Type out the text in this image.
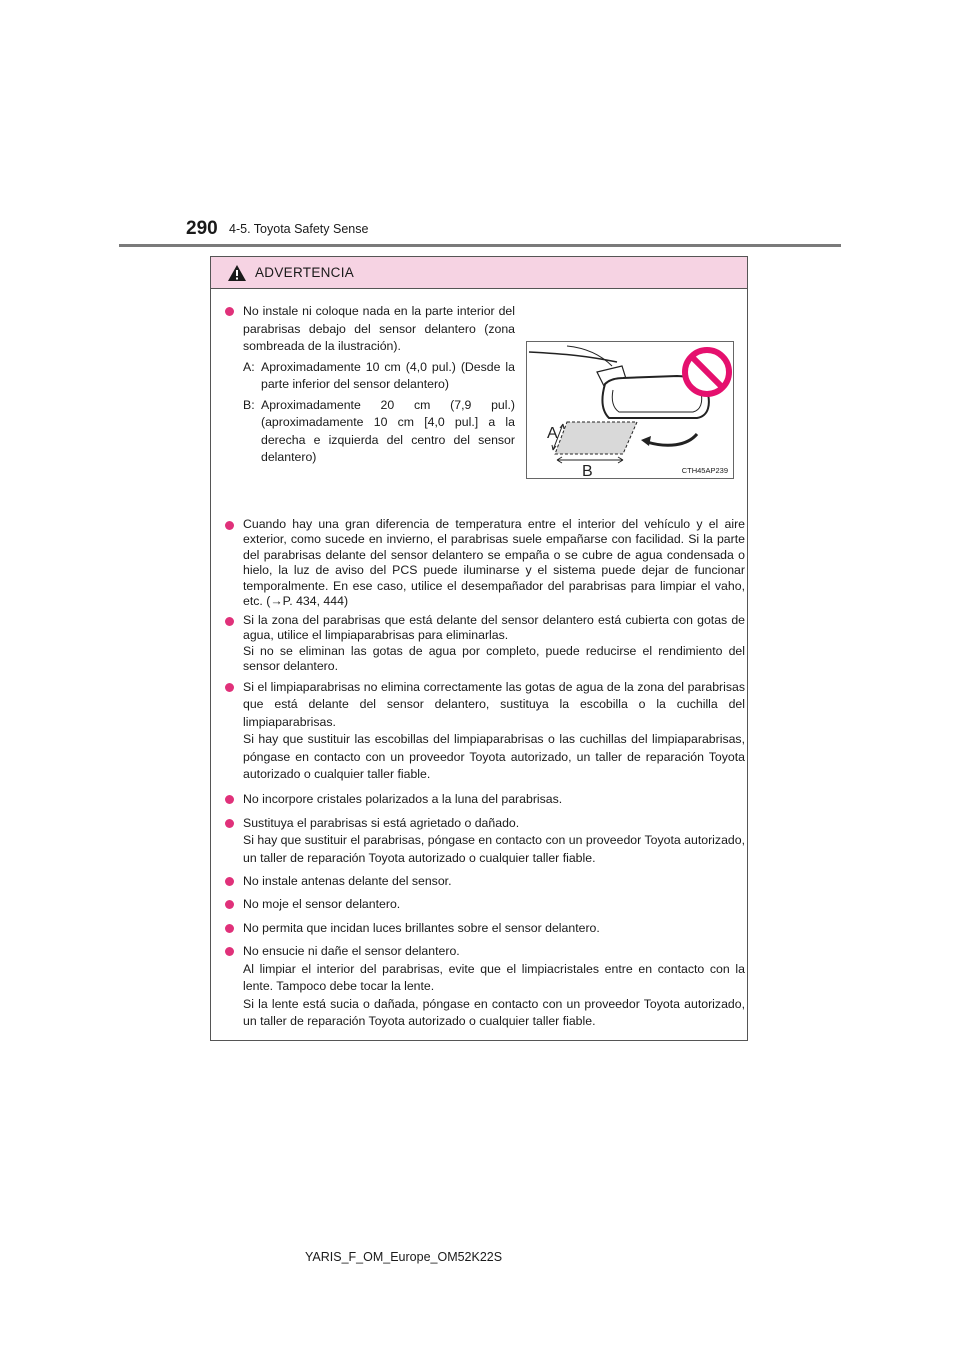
290 4-5. Toyota Safety Sense
ADVERTENCIA

No instale ni coloque nada en la parte interior del parabrisas debajo del sensor delantero (zona sombreada de la ilustración).

A: Aproximadamente 10 cm (4,0 pul.) (Desde la parte inferior del sensor delantero)
B: Aproximadamente 20 cm (7,9 pul.) (aproximadamente 10 cm [4,0 pul.] a la derecha e izquierda del centro del sensor delantero)
A
B	CTH45AP239

Cuando hay una gran diferencia de temperatura entre el interior del vehículo y el aire exterior, como sucede en invierno, el parabrisas suele empañarse con facilidad. Si la parte del parabrisas delante del sensor delantero se empaña o se cubre de agua condensada o hielo, la luz de aviso del PCS puede iluminarse y el sistema puede dejar de funcionar temporalmente. En ese caso, utilice el desempañador del parabrisas para limpiar el vaho, etc. (→P. 434, 444)

Si la zona del parabrisas que está delante del sensor delantero está cubierta con gotas de agua, utilice el limpiaparabrisas para eliminarlas.

Si no se eliminan las gotas de agua por completo, puede reducirse el rendimiento del sensor delantero.

Si el limpiaparabrisas no elimina correctamente las gotas de agua de la zona del parabrisas que está delante del sensor delantero, sustituya la escobilla o la cuchilla del limpiaparabrisas.

Si hay que sustituir las escobillas del limpiaparabrisas o las cuchillas del limpiaparabrisas, póngase en contacto con un proveedor Toyota autorizado, un taller de reparación Toyota autorizado o cualquier taller fiable.

No incorpore cristales polarizados a la luna del parabrisas.

Sustituya el parabrisas si está agrietado o dañado.

Si hay que sustituir el parabrisas, póngase en contacto con un proveedor Toyota autorizado, un taller de reparación Toyota autorizado o cualquier taller fiable.

No instale antenas delante del sensor.

No moje el sensor delantero.

No permita que incidan luces brillantes sobre el sensor delantero.

No ensucie ni dañe el sensor delantero.

Al limpiar el interior del parabrisas, evite que el limpiacristales entre en contacto con la lente. Tampoco debe tocar la lente.

Si la lente está sucia o dañada, póngase en contacto con un proveedor Toyota autorizado, un taller de reparación Toyota autorizado o cualquier taller fiable.

YARIS_F_OM_Europe_OM52K22S
